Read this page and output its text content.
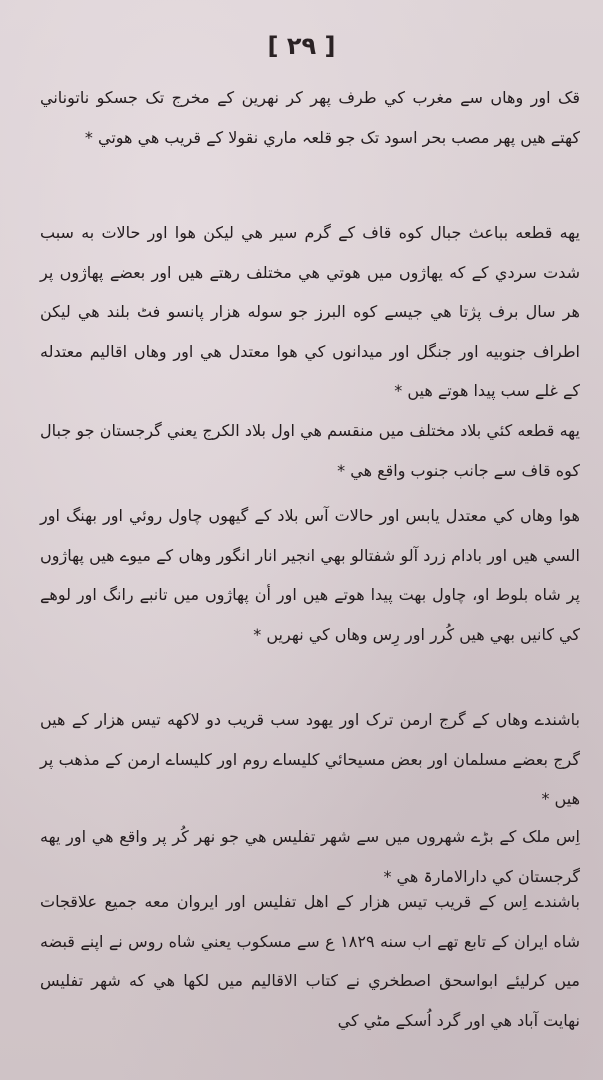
[ ۲۹ ]

قک اور وهاں سے مغرب کي طرف پهر کر نهرين کے مخرج تک جسکو ناتوناني کهتے هيں پهر مصب بحر اسود تک جو قلعہ ماري نقولا کے قريب هي هوتي *

يهه قطعه بباعث جبال کوه قاف کے گرم سير هي ليکن هوا اور حالات به سبب شدت سردي کے که يهاژوں ميں هوتي هي مختلف رهتے هيں اور بعضے پهاژوں پر هر سال برف پژتا هي جيسے کوه البرز جو سوله هزار پانسو فٹ بلند هي ليکن اطراف جنوبيه اور جنگل اور ميدانوں کي هوا معتدل هي اور وهاں اقاليم معتدله کے غلے سب پيدا هوتے هيں *

يهه قطعه کئي بلاد مختلف ميں منقسم هي اول بلاد الکرج يعني گرجستان جو جبال کوه قاف سے جانب جنوب واقع هي *

هوا وهاں کي معتدل يابس اور حالات آس بلاد کے گيهوں چاول روئي اور بهنگ اور السي هيں اور بادام زرد آلو شفتالو بهي انجير انار انگور وهاں کے ميوے هيں پهاژوں پر شاه بلوط او، چاول بهت پيدا هوتے هيں اور أن پهاژوں ميں تانبے رانگ اور لوهے کي کانيں بهي هيں کُرر اور رِس وهاں کي نهريں *

باشندے وهاں کے گرج ارمن ترک اور يهود سب قريب دو لاکهه تيس هزار کے هيں گرج بعضے مسلمان اور بعض مسيحائي کليساے روم اور کليساے ارمن کے مذهب پر هيں *

اِس ملک کے بڑے شهروں ميں سے شهر تفليس هي جو نهر کُر پر واقع هي اور يهه گرجستان کي دارالامارۃ هي *

باشندے اِس کے قريب تيس هزار کے اهل تفليس اور ايروان معه جميع علاقجات شاه ايران کے تابع تهے اب سنه ۱۸۲۹ ع سے مسکوب يعني شاه روس نے اپنے قبضه ميں کرليئے ابواسحق اصطخري نے کتاب الاقاليم ميں لکها هي که شهر تفليس نهايت آباد هي اور گرد اُسکے مٹي کي
